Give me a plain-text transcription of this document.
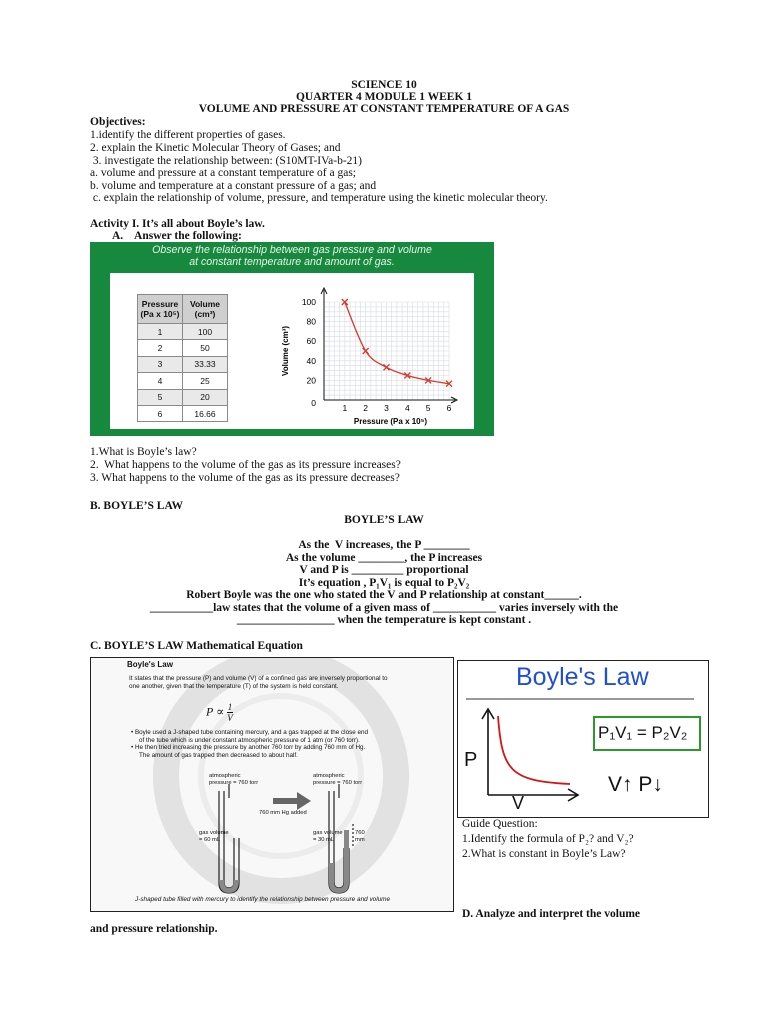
SCIENCE 10
QUARTER 4 MODULE 1 WEEK 1
VOLUME AND PRESSURE AT CONSTANT TEMPERATURE OF A GAS
Objectives:
1.identify the different properties of gases.
2. explain the Kinetic Molecular Theory of Gases; and
3. investigate the relationship between: (S10MT-IVa-b-21)
a. volume and pressure at a constant temperature of a gas;
b. volume and temperature at a constant pressure of a gas; and
c. explain the relationship of volume, pressure, and temperature using the kinetic molecular theory.
Activity I. It’s all about Boyle’s law.
A.    Answer the following:
Observe the relationship between gas pressure and volume
at constant temperature and amount of gas.
Pressure
(Pa x 10⁵)	Volume
(cm³)
1	100
2	50
3	33.33
4	25
5	20
6	16.66
1 2 3 4 5 6
0
20
40
60
80
100
Pressure (Pa x 10⁵)
Volume (cm³)
1.What is Boyle’s law?
2.  What happens to the volume of the gas as its pressure increases?
3. What happens to the volume of the gas as its pressure decreases?
B. BOYLE’S LAW
BOYLE’S LAW
As the  V increases, the P ________
As the volume ________, the P increases
V and P is _________ proportional
It’s equation , P₁V₁ is equal to P₂V₂
Robert Boyle was the one who stated the V and P relationship at constant______.
___________law states that the volume of a given mass of ___________ varies inversely with the
_________________ when the temperature is kept constant .
C. BOYLE’S LAW Mathematical Equation
Boyle's Law
It states that the pressure (P) and volume (V) of a confined gas are inversely proportional to
one another, given that the temperature (T) of the system is held constant.
$P \propto \frac{1}{V}$
• Boyle used a J-shaped tube containing mercury, and a gas trapped at the close end
of the tube which is under constant atmospheric pressure of 1 atm (or 760 torr).
• He then tried increasing the pressure by another 760 torr by adding 760 mm of Hg.
The amount of gas trapped then decreased to about half.
atmospheric
pressure = 760 torr
atmospheric
pressure = 760 torr
760 mm Hg added
gas volume
= 60 mL
gas volume
= 30 mL
760
mm
J-shaped tube filled with mercury to identify the relationship between pressure and volume
Boyle's Law
P₁V₁ = P₂V₂
P
V
V↑ P↓
Guide Question:
1.Identify the formula of P₂? and V₂?
2.What is constant in Boyle’s Law?
D. Analyze and interpret the volume
and pressure relationship.
